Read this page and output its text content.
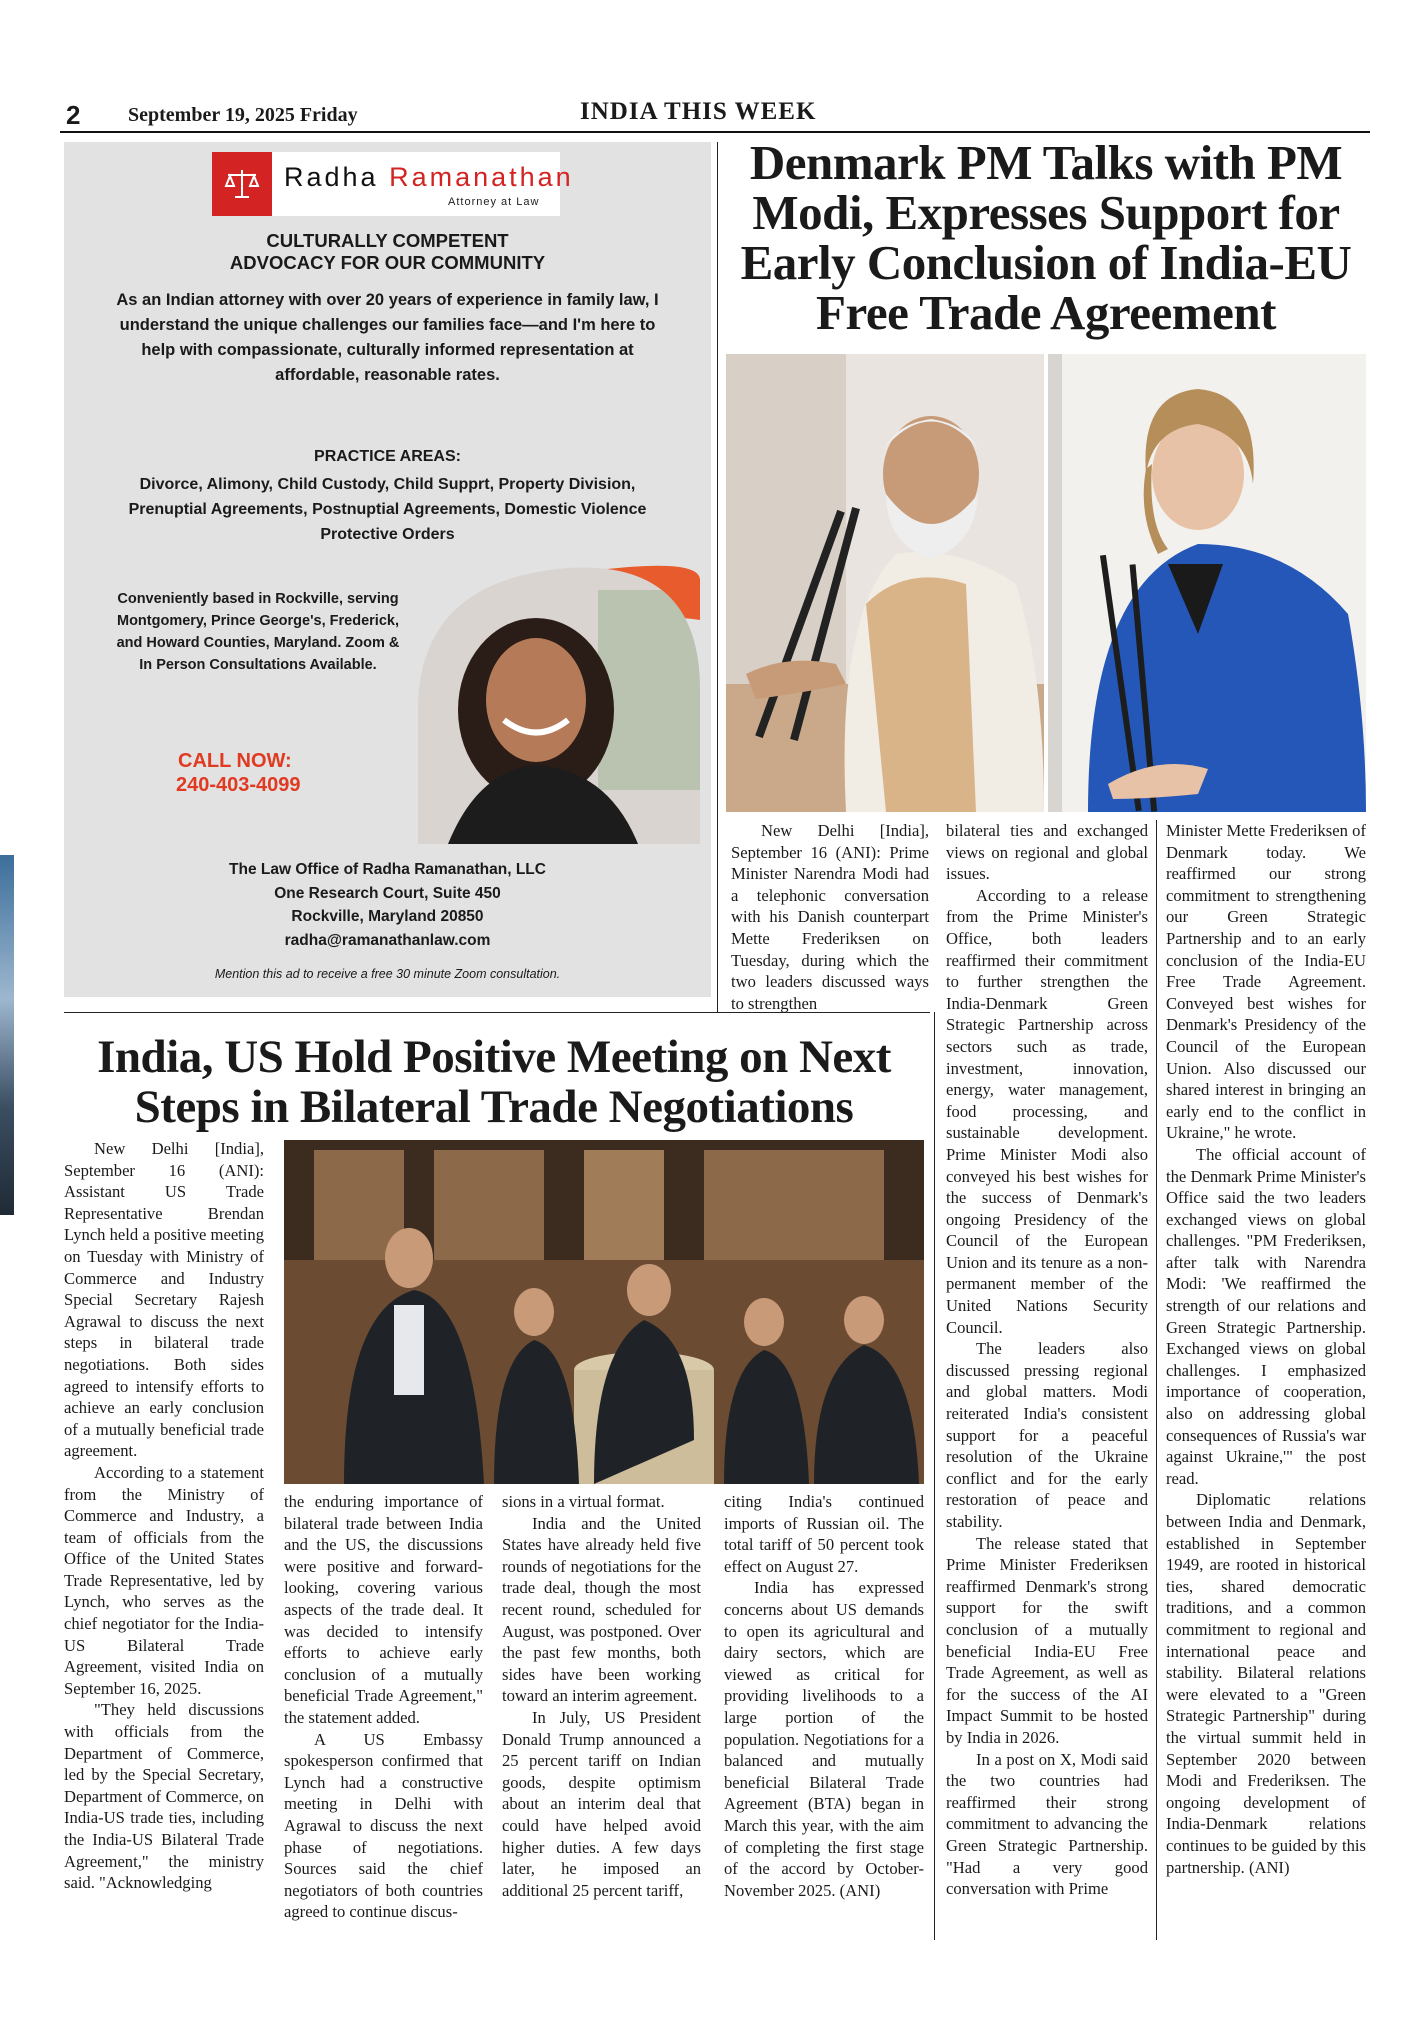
2 September 19, 2025 Friday	INDIA THIS WEEK
Radha Ramanathan
Attorney at Law
CULTURALLY COMPETENT
ADVOCACY FOR OUR COMMUNITY
As an Indian attorney with over 20 years of experience in family law, I understand the unique challenges our families face—and I'm here to help with compassionate, culturally informed representation at affordable, reasonable rates.
PRACTICE AREAS:
Divorce, Alimony, Child Custody, Child Supprt, Property Division, Prenuptial Agreements, Postnuptial Agreements, Domestic Violence Protective Orders
Conveniently based in Rockville, serving Montgomery, Prince George's, Frederick, and Howard Counties, Maryland. Zoom & In Person Consultations Available.
CALL NOW:
240-403-4099
The Law Office of Radha Ramanathan, LLC
One Research Court, Suite 450
Rockville, Maryland 20850
radha@ramanathanlaw.com
Mention this ad to receive a free 30 minute Zoom consultation.
Denmark PM Talks with PM Modi, Expresses Support for Early Conclusion of India-EU Free Trade Agreement

New Delhi [India], September 16 (ANI): Prime Minister Narendra Modi had a telephonic conversation with his Danish counterpart Mette Frederiksen on Tuesday, during which the two leaders discussed ways to strengthen

bilateral ties and exchanged views on regional and global issues.

According to a release from the Prime Minister's Office, both leaders reaffirmed their commitment to further strengthen the India-Denmark Green Strategic Partnership across sectors such as trade, investment, innovation, energy, water management, food processing, and sustainable development. Prime Minister Modi also conveyed his best wishes for the success of Denmark's ongoing Presidency of the Council of the European Union and its tenure as a non-permanent member of the United Nations Security Council.

The leaders also discussed pressing regional and global matters. Modi reiterated India's consistent support for a peaceful resolution of the Ukraine conflict and for the early restoration of peace and stability.

The release stated that Prime Minister Frederiksen reaffirmed Denmark's strong support for the swift conclusion of a mutually beneficial India-EU Free Trade Agreement, as well as for the success of the AI Impact Summit to be hosted by India in 2026.

In a post on X, Modi said the two countries had reaffirmed their strong commitment to advancing the Green Strategic Partnership. "Had a very good conversation with Prime

Minister Mette Frederiksen of Denmark today. We reaffirmed our strong commitment to strengthening our Green Strategic Partnership and to an early conclusion of the India-EU Free Trade Agreement. Conveyed best wishes for Denmark's Presidency of the Council of the European Union. Also discussed our shared interest in bringing an early end to the conflict in Ukraine," he wrote.

The official account of the Denmark Prime Minister's Office said the two leaders exchanged views on global challenges. "PM Frederiksen, after talk with Narendra Modi: 'We reaffirmed the strength of our relations and Green Strategic Partnership. Exchanged views on global challenges. I emphasized importance of cooperation, also on addressing global consequences of Russia's war against Ukraine,'" the post read.

Diplomatic relations between India and Denmark, established in September 1949, are rooted in historical ties, shared democratic traditions, and a common commitment to regional and international peace and stability. Bilateral relations were elevated to a "Green Strategic Partnership" during the virtual summit held in September 2020 between Modi and Frederiksen. The ongoing development of India-Denmark relations continues to be guided by this partnership. (ANI)

India, US Hold Positive Meeting on Next Steps in Bilateral Trade Negotiations

New Delhi [India], September 16 (ANI): Assistant US Trade Representative Brendan Lynch held a positive meeting on Tuesday with Ministry of Commerce and Industry Special Secretary Rajesh Agrawal to discuss the next steps in bilateral trade negotiations. Both sides agreed to intensify efforts to achieve an early conclusion of a mutually beneficial trade agreement.

According to a statement from the Ministry of Commerce and Industry, a team of officials from the Office of the United States Trade Representative, led by Lynch, who serves as the chief negotiator for the India-US Bilateral Trade Agreement, visited India on September 16, 2025.

"They held discussions with officials from the Department of Commerce, led by the Special Secretary, Department of Commerce, on India-US trade ties, including the India-US Bilateral Trade Agreement," the ministry said. "Acknowledging

the enduring importance of bilateral trade between India and the US, the discussions were positive and forward-looking, covering various aspects of the trade deal. It was decided to intensify efforts to achieve early conclusion of a mutually beneficial Trade Agreement," the statement added.

A US Embassy spokesperson confirmed that Lynch had a constructive meeting in Delhi with Agrawal to discuss the next phase of negotiations. Sources said the chief negotiators of both countries agreed to continue discus-

sions in a virtual format.

India and the United States have already held five rounds of negotiations for the trade deal, though the most recent round, scheduled for August, was postponed. Over the past few months, both sides have been working toward an interim agreement.

In July, US President Donald Trump announced a 25 percent tariff on Indian goods, despite optimism about an interim deal that could have helped avoid higher duties. A few days later, he imposed an additional 25 percent tariff,

citing India's continued imports of Russian oil. The total tariff of 50 percent took effect on August 27.

India has expressed concerns about US demands to open its agricultural and dairy sectors, which are viewed as critical for providing livelihoods to a large portion of the population. Negotiations for a balanced and mutually beneficial Bilateral Trade Agreement (BTA) began in March this year, with the aim of completing the first stage of the accord by October-November 2025. (ANI)
